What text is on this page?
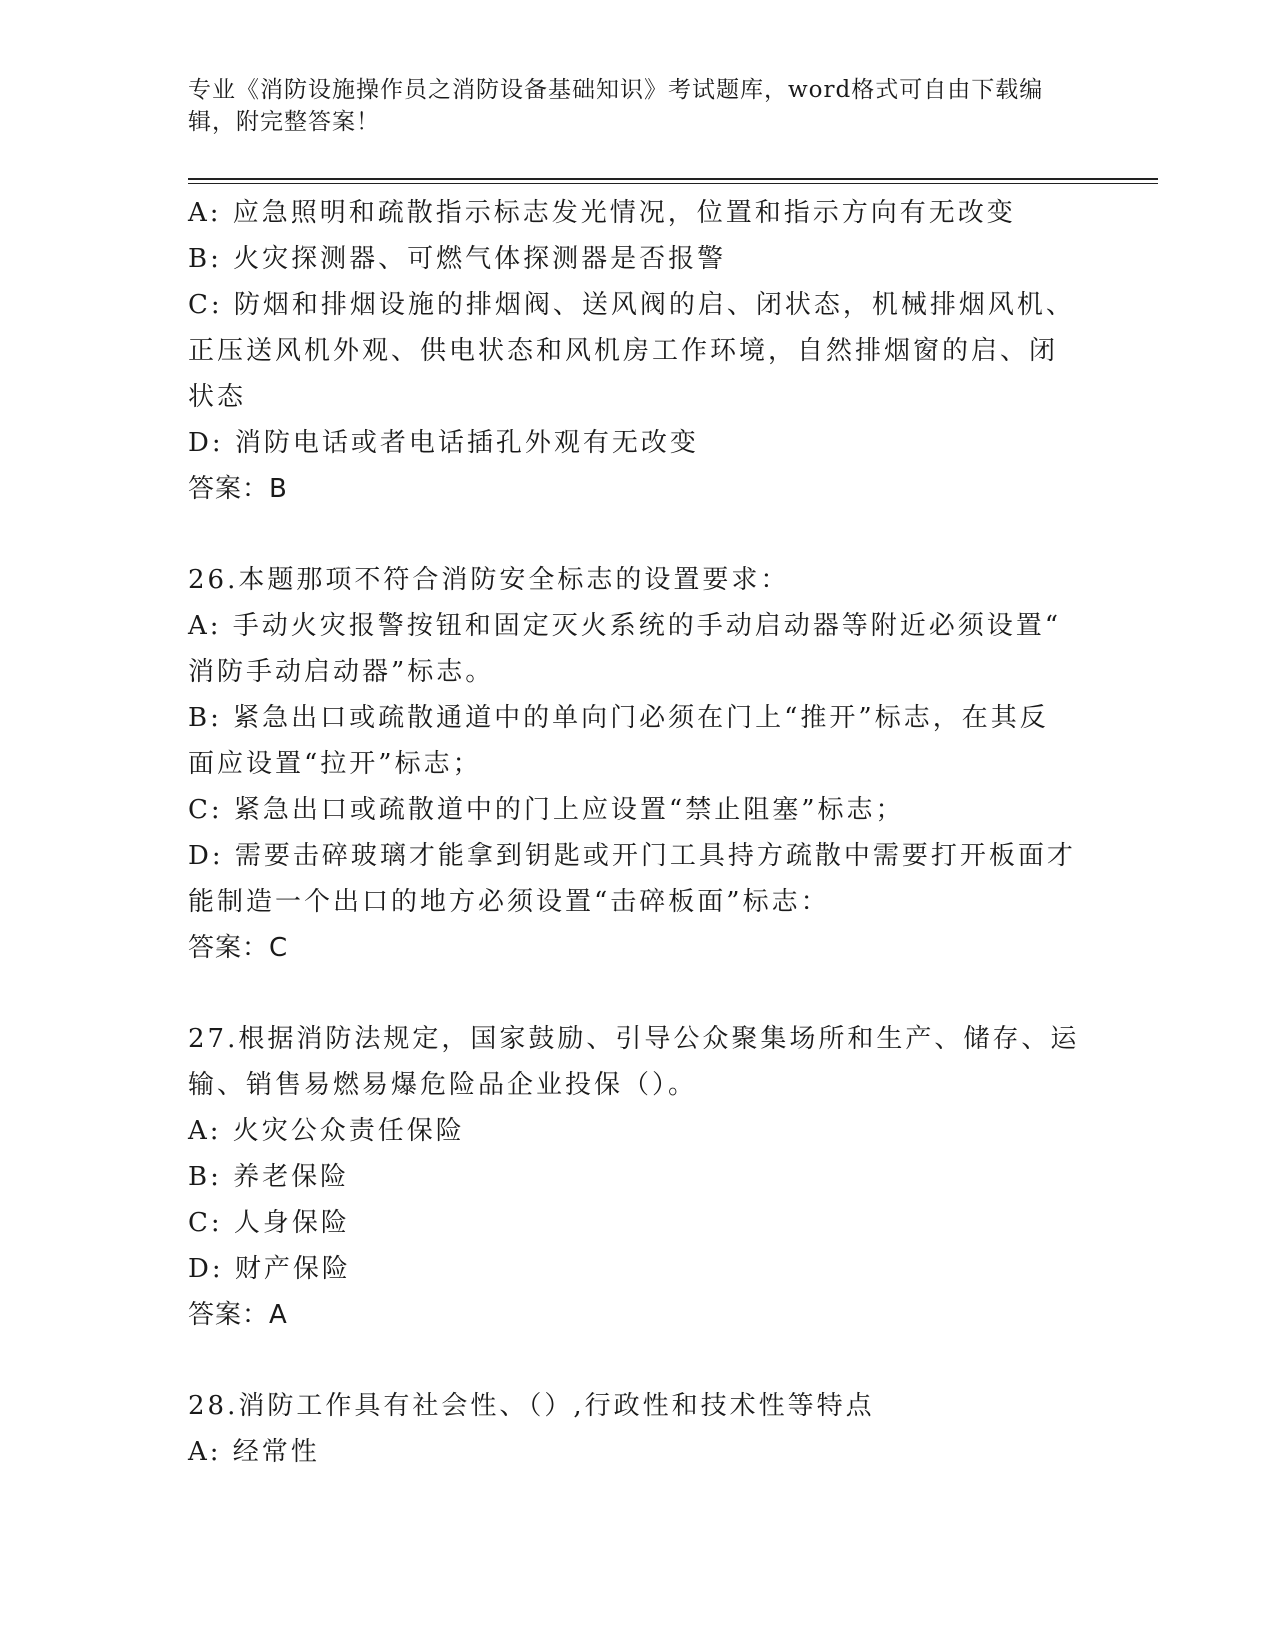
专业《消防设施操作员之消防设备基础知识》考试题库，word格式可自由下载编
辑，附完整答案！
A: 应急照明和疏散指示标志发光情况，位置和指示方向有无改变
B: 火灾探测器、可燃气体探测器是否报警
C: 防烟和排烟设施的排烟阀、送风阀的启、闭状态，机械排烟风机、
正压送风机外观、供电状态和风机房工作环境，自然排烟窗的启、闭
状态
D: 消防电话或者电话插孔外观有无改变
答案：B
26.本题那项不符合消防安全标志的设置要求：
A: 手动火灾报警按钮和固定灭火系统的手动启动器等附近必须设置“
消防手动启动器”标志。
B: 紧急出口或疏散通道中的单向门必须在门上“推开”标志，在其反
面应设置“拉开”标志；
C: 紧急出口或疏散道中的门上应设置“禁止阻塞”标志；
D: 需要击碎玻璃才能拿到钥匙或开门工具持方疏散中需要打开板面才
能制造一个出口的地方必须设置“击碎板面”标志：
答案：C
27.根据消防法规定，国家鼓励、引导公众聚集场所和生产、储存、运
输、销售易燃易爆危险品企业投保（）。
A: 火灾公众责任保险
B: 养老保险
C: 人身保险
D: 财产保险
答案：A
28.消防工作具有社会性、（）,行政性和技术性等特点
A: 经常性
